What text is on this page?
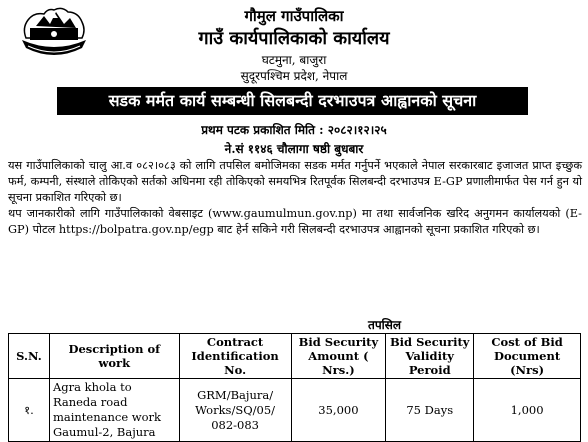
गौमुल गाउँपालिका
गाउँ कार्यपालिकाको कार्यालय
घटमुना, बाजुरा
सुदूरपश्चिम प्रदेश, नेपाल
सडक मर्मत कार्य सम्बन्धी सिलबन्दी दरभाउपत्र आह्वानको सूचना
प्रथम पटक प्रकाशित मिति : २०८२।१२।२५
ने.सं ११४६ चौलागा षष्ठी बुधबार

यस गाउँपालिकाको चालु आ.व ०८२।०८३ को लागि तपसिल बमोजिमका सडक मर्मत गर्नुपर्ने भएकाले नेपाल सरकारबाट इजाजत प्राप्त इच्छुक फर्म, कम्पनी, संस्थाले तोकिएको सर्तको अधिनमा रही तोकिएको समयभित्र रितपूर्वक सिलबन्दी दरभाउपत्र E-GP प्रणालीमार्फत पेस गर्न हुन यो सूचना प्रकाशित गरिएको छ।

थप जानकारीको लागि गाउँपालिकाको वेबसाइट (www.gaumulmun.gov.np) मा तथा सार्वजनिक खरिद अनुगमन कार्यालयको (E-GP) पोटल https://bolpatra.gov.np/egp बाट हेर्न सकिने गरी सिलबन्दी दरभाउपत्र आह्वानको सूचना प्रकाशित गरिएको छ।

तपसिल
S.N.	Description of work	Contract Identification No.	Bid Security Amount ( Nrs.)	Bid Security Validity Peroid	Cost of Bid Document (Nrs)
१.	Agra khola to Raneda road maintenance work Gaumul-2, Bajura	GRM/Bajura/ Works/SQ/05/ 082-083	35,000	75 Days	1,000
